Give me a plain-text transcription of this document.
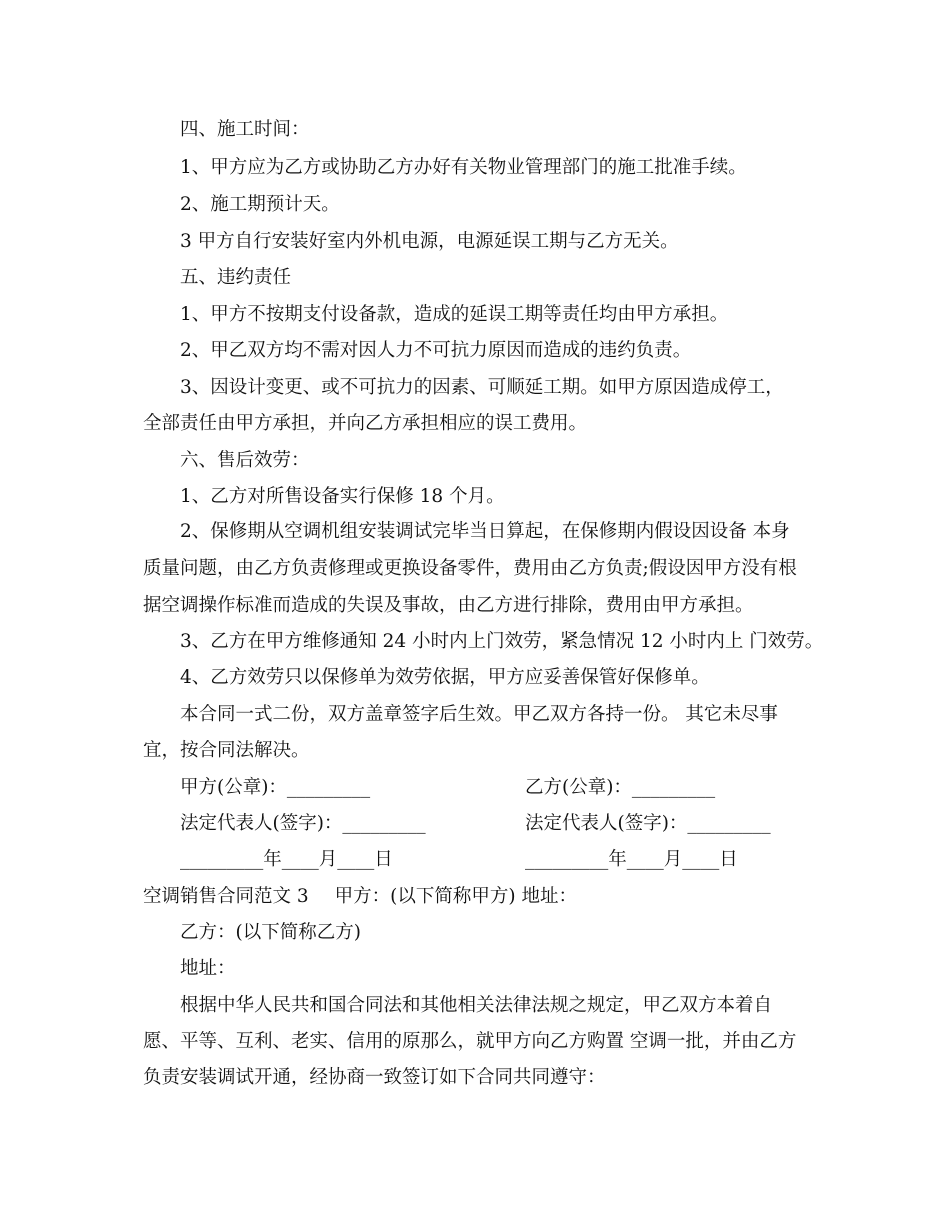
四、施工时间：
1、甲方应为乙方或协助乙方办好有关物业管理部门的施工批准手续。
2、施工期预计天。
3 甲方自行安装好室内外机电源，电源延误工期与乙方无关。
五、违约责任
1、甲方不按期支付设备款，造成的延误工期等责任均由甲方承担。
2、甲乙双方均不需对因人力不可抗力原因而造成的违约负责。
3、因设计变更、或不可抗力的因素、可顺延工期。如甲方原因造成停工，
全部责任由甲方承担，并向乙方承担相应的误工费用。
六、售后效劳：
1、乙方对所售设备实行保修 18 个月。
2、保修期从空调机组安装调试完毕当日算起，在保修期内假设因设备 本身
质量问题，由乙方负责修理或更换设备零件，费用由乙方负责;假设因甲方没有根
据空调操作标准而造成的失误及事故，由乙方进行排除，费用由甲方承担。
3、乙方在甲方维修通知 24 小时内上门效劳，紧急情况 12 小时内上 门效劳。
4、乙方效劳只以保修单为效劳依据，甲方应妥善保管好保修单。
本合同一式二份，双方盖章签字后生效。甲乙双方各持一份。 其它未尽事
宜，按合同法解决。
甲方(公章)：_________	乙方(公章)：_________
法定代表人(签字)：_________	法定代表人(签字)：_________
_________年____月____日	_________年____月____日
空调销售合同范文 3 甲方：(以下简称甲方) 地址：
乙方：(以下简称乙方)
地址：
根据中华人民共和国合同法和其他相关法律法规之规定，甲乙双方本着自
愿、平等、互利、老实、信用的原那么，就甲方向乙方购置 空调一批，并由乙方
负责安装调试开通，经协商一致签订如下合同共同遵守：
